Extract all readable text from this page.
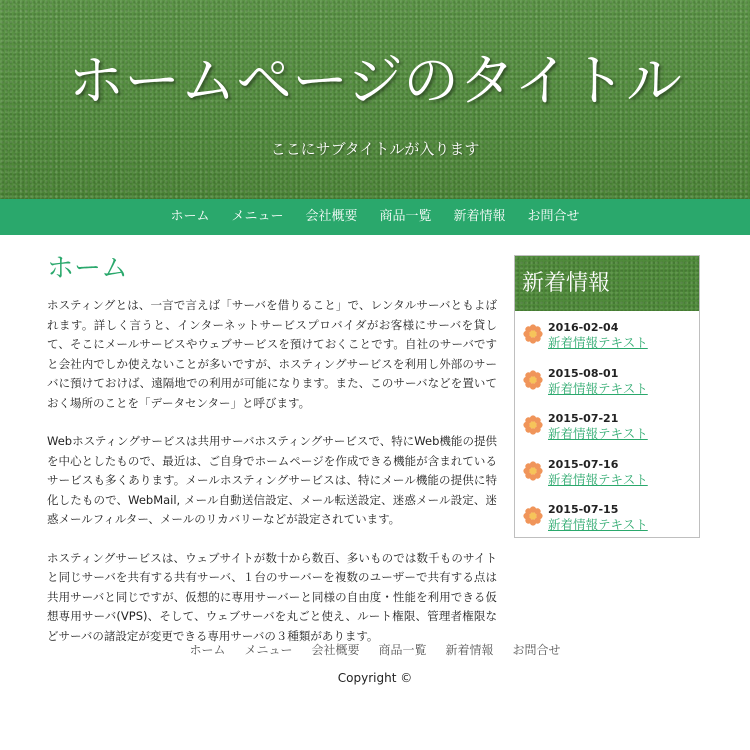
ホームページのタイトル
ここにサブタイトルが入ります
ホーム	メニュー	会社概要	商品一覧	新着情報	お問合せ
ホーム

ホスティングとは、一言で言えば「サーバを借りること」で、レンタルサーバともよばれます。詳しく言うと、インターネットサービスプロバイダがお客様にサーバを貸して、そこにメールサービスやウェブサービスを預けておくことです。自社のサーバですと会社内でしか使えないことが多いですが、ホスティングサービスを利用し外部のサーバに預けておけば、遠隔地での利用が可能になります。また、このサーバなどを置いておく場所のことを「データセンター」と呼びます。

Webホスティングサービスは共用サーバホスティングサービスで、特にWeb機能の提供を中心としたもので、最近は、ご自身でホームページを作成できる機能が含まれているサービスも多くあります。メールホスティングサービスは、特にメール機能の提供に特化したもので、WebMail, メール自動送信設定、メール転送設定、迷惑メール設定、迷惑メールフィルター、メールのリカバリーなどが設定されています。

ホスティングサービスは、ウェブサイトが数十から数百、多いものでは数千ものサイトと同じサーバを共有する共有サーバ、１台のサーバーを複数のユーザーで共有する点は共用サーバと同じですが、仮想的に専用サーバーと同様の自由度・性能を利用できる仮想専用サーバ(VPS)、そして、ウェブサーバを丸ごと使え、ルート権限、管理者権限などサーバの諸設定が変更できる専用サーバの３種類があります。

新着情報
2016-02-04
新着情報テキスト
2015-08-01
新着情報テキスト
2015-07-21
新着情報テキスト
2015-07-16
新着情報テキスト
2015-07-15
新着情報テキスト
ホーム	メニュー	会社概要	商品一覧	新着情報	お問合せ
Copyright ©
